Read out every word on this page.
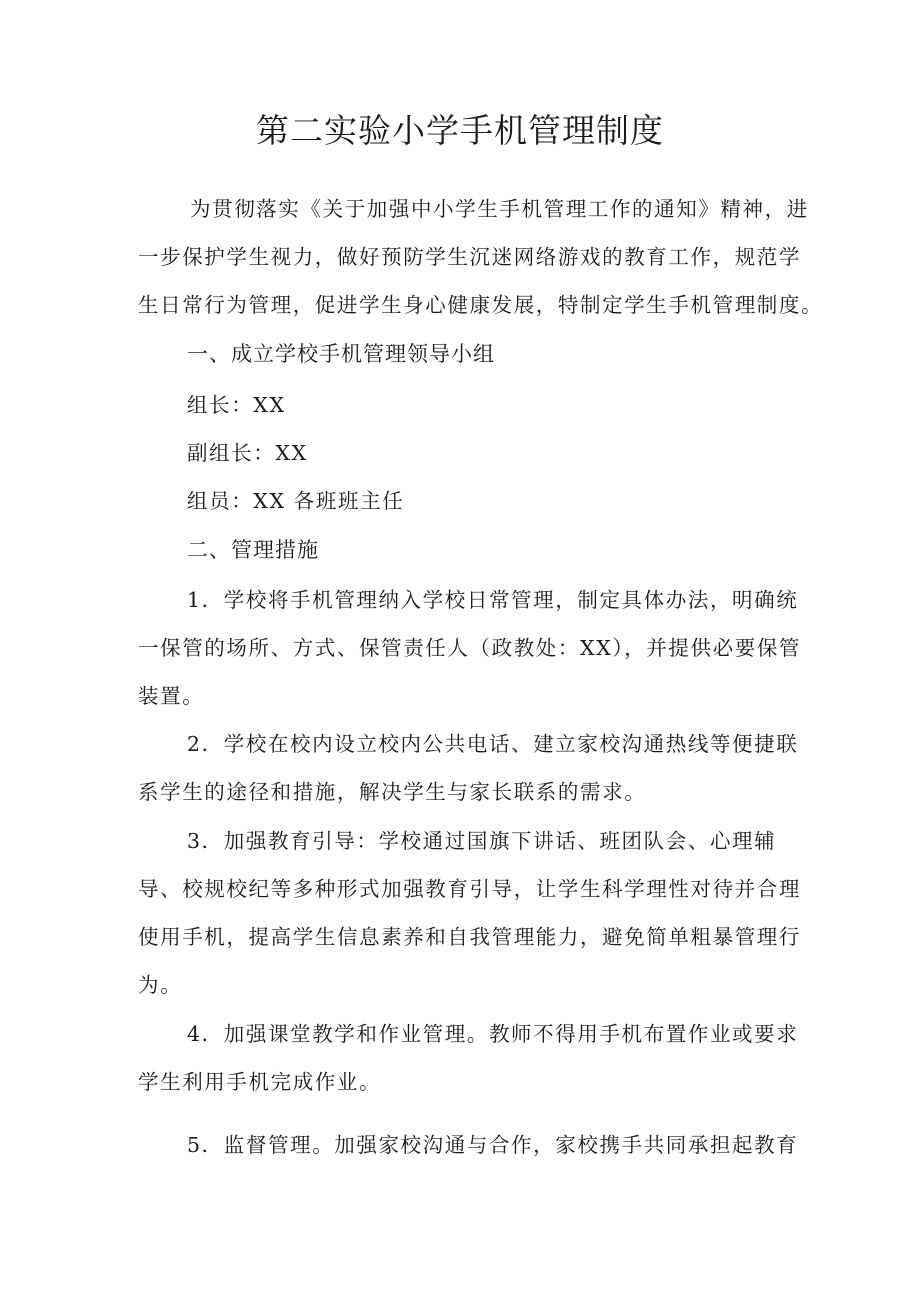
第二实验小学手机管理制度
为贯彻落实《关于加强中小学生手机管理工作的通知》精神，进
一步保护学生视力，做好预防学生沉迷网络游戏的教育工作，规范学
生日常行为管理，促进学生身心健康发展，特制定学生手机管理制度。
一、成立学校手机管理领导小组
组长：XX
副组长：XX
组员：XX 各班班主任
二、管理措施
1．学校将手机管理纳入学校日常管理，制定具体办法，明确统
一保管的场所、方式、保管责任人（政教处：XX），并提供必要保管
装置。
2．学校在校内设立校内公共电话、建立家校沟通热线等便捷联
系学生的途径和措施，解决学生与家长联系的需求。
3．加强教育引导：学校通过国旗下讲话、班团队会、心理辅
导、校规校纪等多种形式加强教育引导，让学生科学理性对待并合理
使用手机，提高学生信息素养和自我管理能力，避免简单粗暴管理行
为。
4．加强课堂教学和作业管理。教师不得用手机布置作业或要求
学生利用手机完成作业。
5．监督管理。加强家校沟通与合作，家校携手共同承担起教育
